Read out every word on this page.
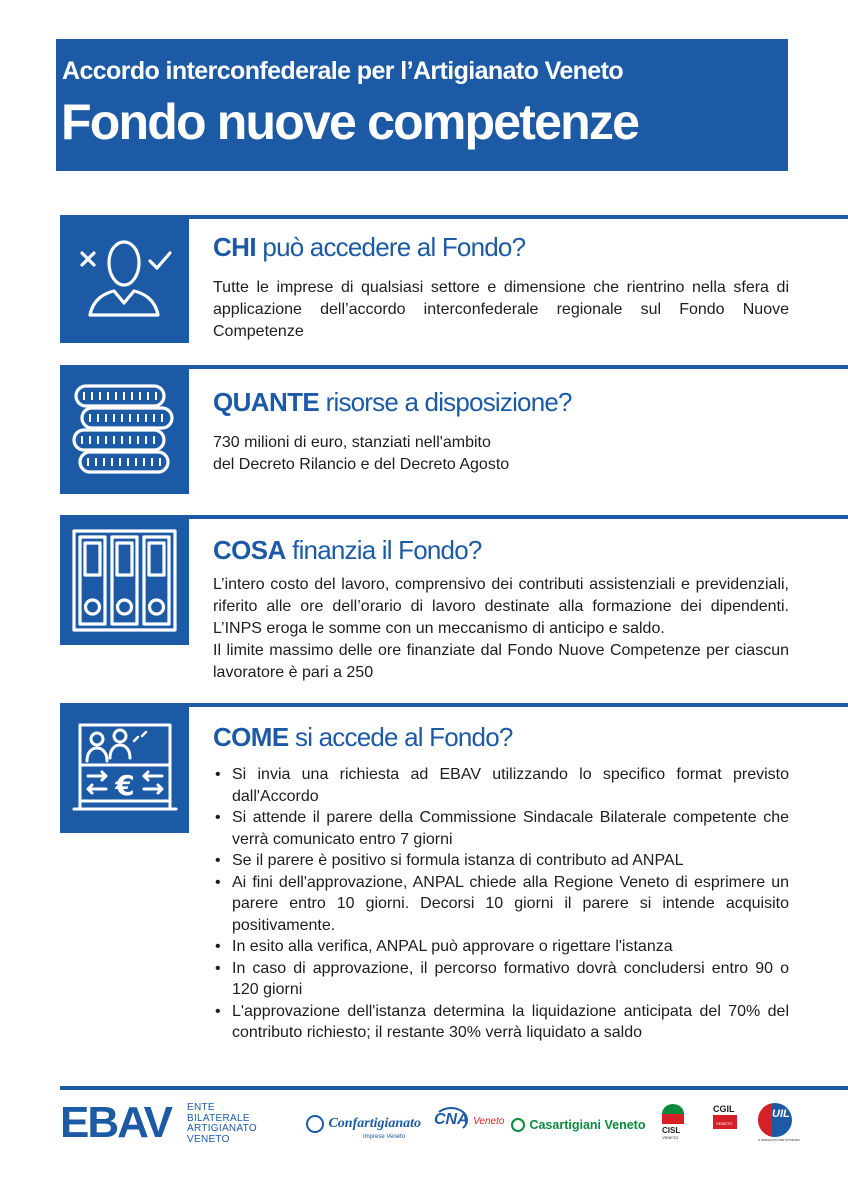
Accordo interconfederale per l’Artigianato Veneto
Fondo nuove competenze
CHI può accedere al Fondo?

Tutte le imprese di qualsiasi settore e dimensione che rientrino nella sfera di applicazione dell’accordo interconfederale regionale sul Fondo Nuove Competenze

QUANTE risorse a disposizione?

730 milioni di euro, stanziati nell'ambito

del Decreto Rilancio e del Decreto Agosto

COSA finanzia il Fondo?

L’intero costo del lavoro, comprensivo dei contributi assistenziali e previdenziali, riferito alle ore dell’orario di lavoro destinate alla formazione dei dipendenti. L’INPS eroga le somme con un meccanismo di anticipo e saldo.

Il limite massimo delle ore finanziate dal Fondo Nuove Competenze per ciascun lavoratore è pari a 250

€
COME si accede al Fondo?
• Si invia una richiesta ad EBAV utilizzando lo specifico format previsto dall'Accordo
• Si attende il parere della Commissione Sindacale Bilaterale competente che verrà comunicato entro 7 giorni
• Se il parere è positivo si formula istanza di contributo ad ANPAL
• Ai fini dell'approvazione, ANPAL chiede alla Regione Veneto di esprimere un parere entro 10 giorni. Decorsi 10 giorni il parere si intende acquisito positivamente.
• In esito alla verifica, ANPAL può approvare o rigettare l'istanza
• In caso di approvazione, il percorso formativo dovrà concludersi entro 90 o 120 giorni
• L'approvazione dell'istanza determina la liquidazione anticipata del 70% del contributo richiesto; il restante 30% verrà liquidato a saldo
EBAV ENTE
BILATERALE
ARTIGIANATO
VENETO
Confartigianato
Imprese Veneto
CNA Veneto	Casartigiani Veneto CISL
VENETO
CGIL
VENETO
UIL
IL SINDACATO DEI CITTADINI
